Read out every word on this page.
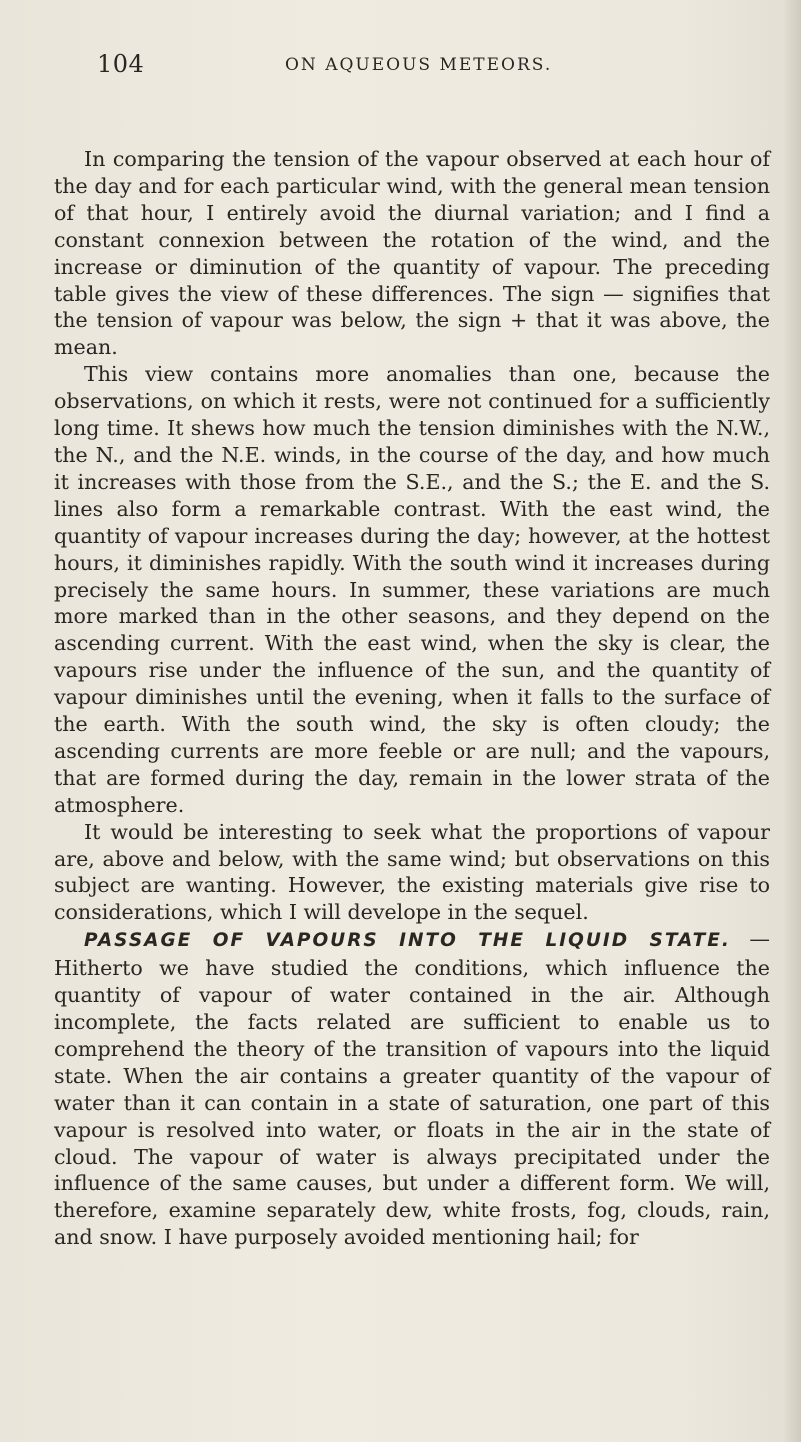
104	ON AQUEOUS METEORS.

In comparing the tension of the vapour observed at each hour of the day and for each particular wind, with the general mean tension of that hour, I entirely avoid the diurnal variation; and I find a constant connexion between the rotation of the wind, and the increase or diminution of the quantity of vapour. The preceding table gives the view of these differences. The sign — signifies that the tension of vapour was below, the sign + that it was above, the mean.

This view contains more anomalies than one, because the observations, on which it rests, were not continued for a sufficiently long time. It shews how much the tension diminishes with the N.W., the N., and the N.E. winds, in the course of the day, and how much it increases with those from the S.E., and the S.; the E. and the S. lines also form a remarkable contrast. With the east wind, the quantity of vapour increases during the day; however, at the hottest hours, it diminishes rapidly. With the south wind it increases during precisely the same hours. In summer, these variations are much more marked than in the other seasons, and they depend on the ascending current. With the east wind, when the sky is clear, the vapours rise under the influence of the sun, and the quantity of vapour diminishes until the evening, when it falls to the surface of the earth. With the south wind, the sky is often cloudy; the ascending currents are more feeble or are null; and the vapours, that are formed during the day, remain in the lower strata of the atmosphere.

It would be interesting to seek what the proportions of vapour are, above and below, with the same wind; but observations on this subject are wanting. However, the existing materials give rise to considerations, which I will develope in the sequel.

PASSAGE OF VAPOURS INTO THE LIQUID STATE. — Hitherto we have studied the conditions, which influence the quantity of vapour of water contained in the air. Although incomplete, the facts related are sufficient to enable us to comprehend the theory of the transition of vapours into the liquid state. When the air contains a greater quantity of the vapour of water than it can contain in a state of saturation, one part of this vapour is resolved into water, or floats in the air in the state of cloud. The vapour of water is always precipitated under the influence of the same causes, but under a different form. We will, therefore, examine separately dew, white frosts, fog, clouds, rain, and snow. I have purposely avoided mentioning hail; for
